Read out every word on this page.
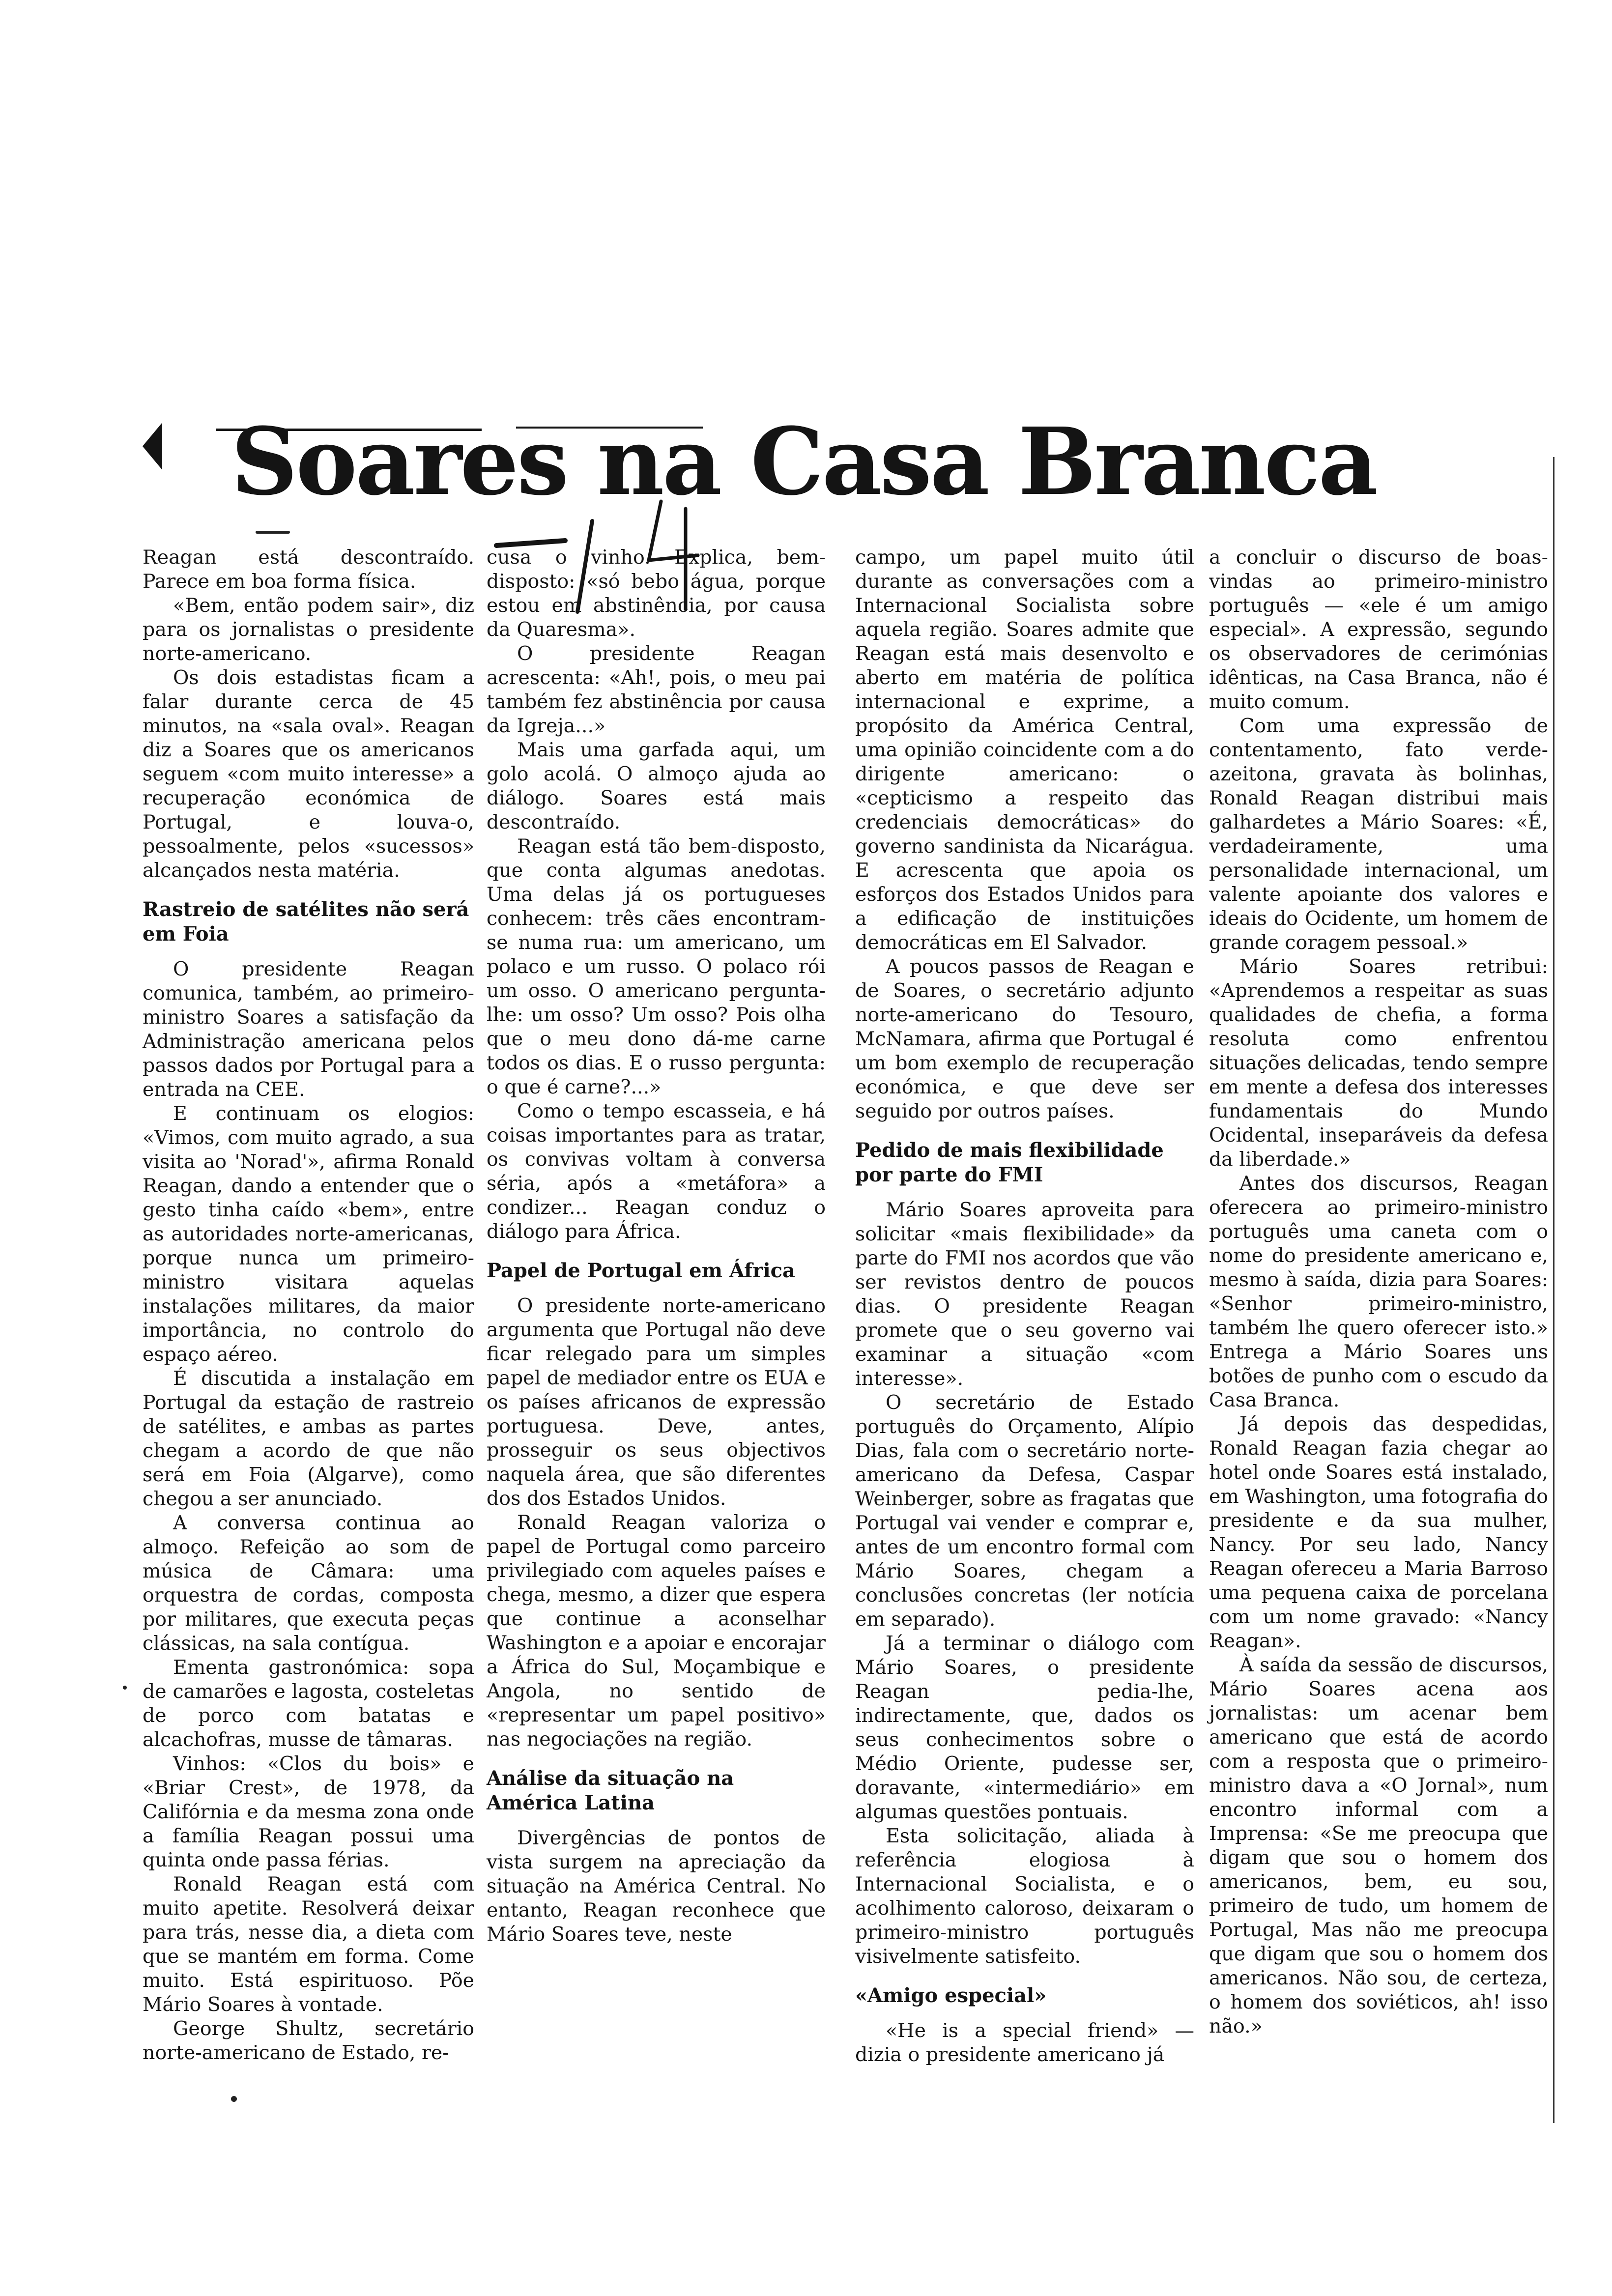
Soares na Casa Branca

Reagan está descontraído. Parece em boa forma física.

«Bem, então podem sair», diz para os jornalistas o presidente norte-americano.

Os dois estadistas ficam a falar durante cerca de 45 minutos, na «sala oval». Reagan diz a Soares que os americanos seguem «com muito interesse» a recuperação económica de Portugal, e louva-o, pessoalmente, pelos «sucessos» alcançados nesta matéria.

Rastreio de satélites não será em Foia

O presidente Reagan comunica, também, ao primeiro-ministro Soares a satisfação da Administração americana pelos passos dados por Portugal para a entrada na CEE.

E continuam os elogios: «Vimos, com muito agrado, a sua visita ao 'Norad'», afirma Ronald Reagan, dando a entender que o gesto tinha caído «bem», entre as autoridades norte-americanas, porque nunca um primeiro-ministro visitara aquelas instalações militares, da maior importância, no controlo do espaço aéreo.

É discutida a instalação em Portugal da estação de rastreio de satélites, e ambas as partes chegam a acordo de que não será em Foia (Algarve), como chegou a ser anunciado.

A conversa continua ao almoço. Refeição ao som de música de Câmara: uma orquestra de cordas, composta por militares, que executa peças clássicas, na sala contígua.

Ementa gastronómica: sopa de camarões e lagosta, costeletas de porco com batatas e alcachofras, musse de tâmaras.

Vinhos: «Clos du bois» e «Briar Crest», de 1978, da Califórnia e da mesma zona onde a família Reagan possui uma quinta onde passa férias.

Ronald Reagan está com muito apetite. Resolverá deixar para trás, nesse dia, a dieta com que se mantém em forma. Come muito. Está espirituoso. Põe Mário Soares à vontade.

George Shultz, secretário norte-americano de Estado, re-

cusa o vinho. Explica, bem-disposto: «só bebo água, porque estou em abstinência, por causa da Quaresma».

O presidente Reagan acrescenta: «Ah!, pois, o meu pai também fez abstinência por causa da Igreja...»

Mais uma garfada aqui, um golo acolá. O almoço ajuda ao diálogo. Soares está mais descontraído.

Reagan está tão bem-disposto, que conta algumas anedotas. Uma delas já os portugueses conhecem: três cães encontram-se numa rua: um americano, um polaco e um russo. O polaco rói um osso. O americano pergunta-lhe: um osso? Um osso? Pois olha que o meu dono dá-me carne todos os dias. E o russo pergunta: o que é carne?...»

Como o tempo escasseia, e há coisas importantes para as tratar, os convivas voltam à conversa séria, após a «metáfora» a condizer... Reagan conduz o diálogo para África.

Papel de Portugal em África

O presidente norte-americano argumenta que Portugal não deve ficar relegado para um simples papel de mediador entre os EUA e os países africanos de expressão portuguesa. Deve, antes, prosseguir os seus objectivos naquela área, que são diferentes dos dos Estados Unidos.

Ronald Reagan valoriza o papel de Portugal como parceiro privilegiado com aqueles países e chega, mesmo, a dizer que espera que continue a aconselhar Washington e a apoiar e encorajar a África do Sul, Moçambique e Angola, no sentido de «representar um papel positivo» nas negociações na região.

Análise da situação na América Latina

Divergências de pontos de vista surgem na apreciação da situação na América Central. No entanto, Reagan reconhece que Mário Soares teve, neste

campo, um papel muito útil durante as conversações com a Internacional Socialista sobre aquela região. Soares admite que Reagan está mais desenvolto e aberto em matéria de política internacional e exprime, a propósito da América Central, uma opinião coincidente com a do dirigente americano: o «cepticismo a respeito das credenciais democráticas» do governo sandinista da Nicarágua. E acrescenta que apoia os esforços dos Estados Unidos para a edificação de instituições democráticas em El Salvador.

A poucos passos de Reagan e de Soares, o secretário adjunto norte-americano do Tesouro, McNamara, afirma que Portugal é um bom exemplo de recuperação económica, e que deve ser seguido por outros países.

Pedido de mais flexibilidade por parte do FMI

Mário Soares aproveita para solicitar «mais flexibilidade» da parte do FMI nos acordos que vão ser revistos dentro de poucos dias. O presidente Reagan promete que o seu governo vai examinar a situação «com interesse».

O secretário de Estado português do Orçamento, Alípio Dias, fala com o secretário norte-americano da Defesa, Caspar Weinberger, sobre as fragatas que Portugal vai vender e comprar e, antes de um encontro formal com Mário Soares, chegam a conclusões concretas (ler notícia em separado).

Já a terminar o diálogo com Mário Soares, o presidente Reagan pedia-lhe, indirectamente, que, dados os seus conhecimentos sobre o Médio Oriente, pudesse ser, doravante, «intermediário» em algumas questões pontuais.

Esta solicitação, aliada à referência elogiosa à Internacional Socialista, e o acolhimento caloroso, deixaram o primeiro-ministro português visivelmente satisfeito.

«Amigo especial»

«He is a special friend» — dizia o presidente americano já

a concluir o discurso de boas-vindas ao primeiro-ministro português — «ele é um amigo especial». A expressão, segundo os observadores de cerimónias idênticas, na Casa Branca, não é muito comum.

Com uma expressão de contentamento, fato verde-azeitona, gravata às bolinhas, Ronald Reagan distribui mais galhardetes a Mário Soares: «É, verdadeiramente, uma personalidade internacional, um valente apoiante dos valores e ideais do Ocidente, um homem de grande coragem pessoal.»

Mário Soares retribui: «Aprendemos a respeitar as suas qualidades de chefia, a forma resoluta como enfrentou situações delicadas, tendo sempre em mente a defesa dos interesses fundamentais do Mundo Ocidental, inseparáveis da defesa da liberdade.»

Antes dos discursos, Reagan oferecera ao primeiro-ministro português uma caneta com o nome do presidente americano e, mesmo à saída, dizia para Soares: «Senhor primeiro-ministro, também lhe quero oferecer isto.» Entrega a Mário Soares uns botões de punho com o escudo da Casa Branca.

Já depois das despedidas, Ronald Reagan fazia chegar ao hotel onde Soares está instalado, em Washington, uma fotografia do presidente e da sua mulher, Nancy. Por seu lado, Nancy Reagan ofereceu a Maria Barroso uma pequena caixa de porcelana com um nome gravado: «Nancy Reagan».

À saída da sessão de discursos, Mário Soares acena aos jornalistas: um acenar bem americano que está de acordo com a resposta que o primeiro-ministro dava a «O Jornal», num encontro informal com a Imprensa: «Se me preocupa que digam que sou o homem dos americanos, bem, eu sou, primeiro de tudo, um homem de Portugal, Mas não me preocupa que digam que sou o homem dos americanos. Não sou, de certeza, o homem dos soviéticos, ah! isso não.»
